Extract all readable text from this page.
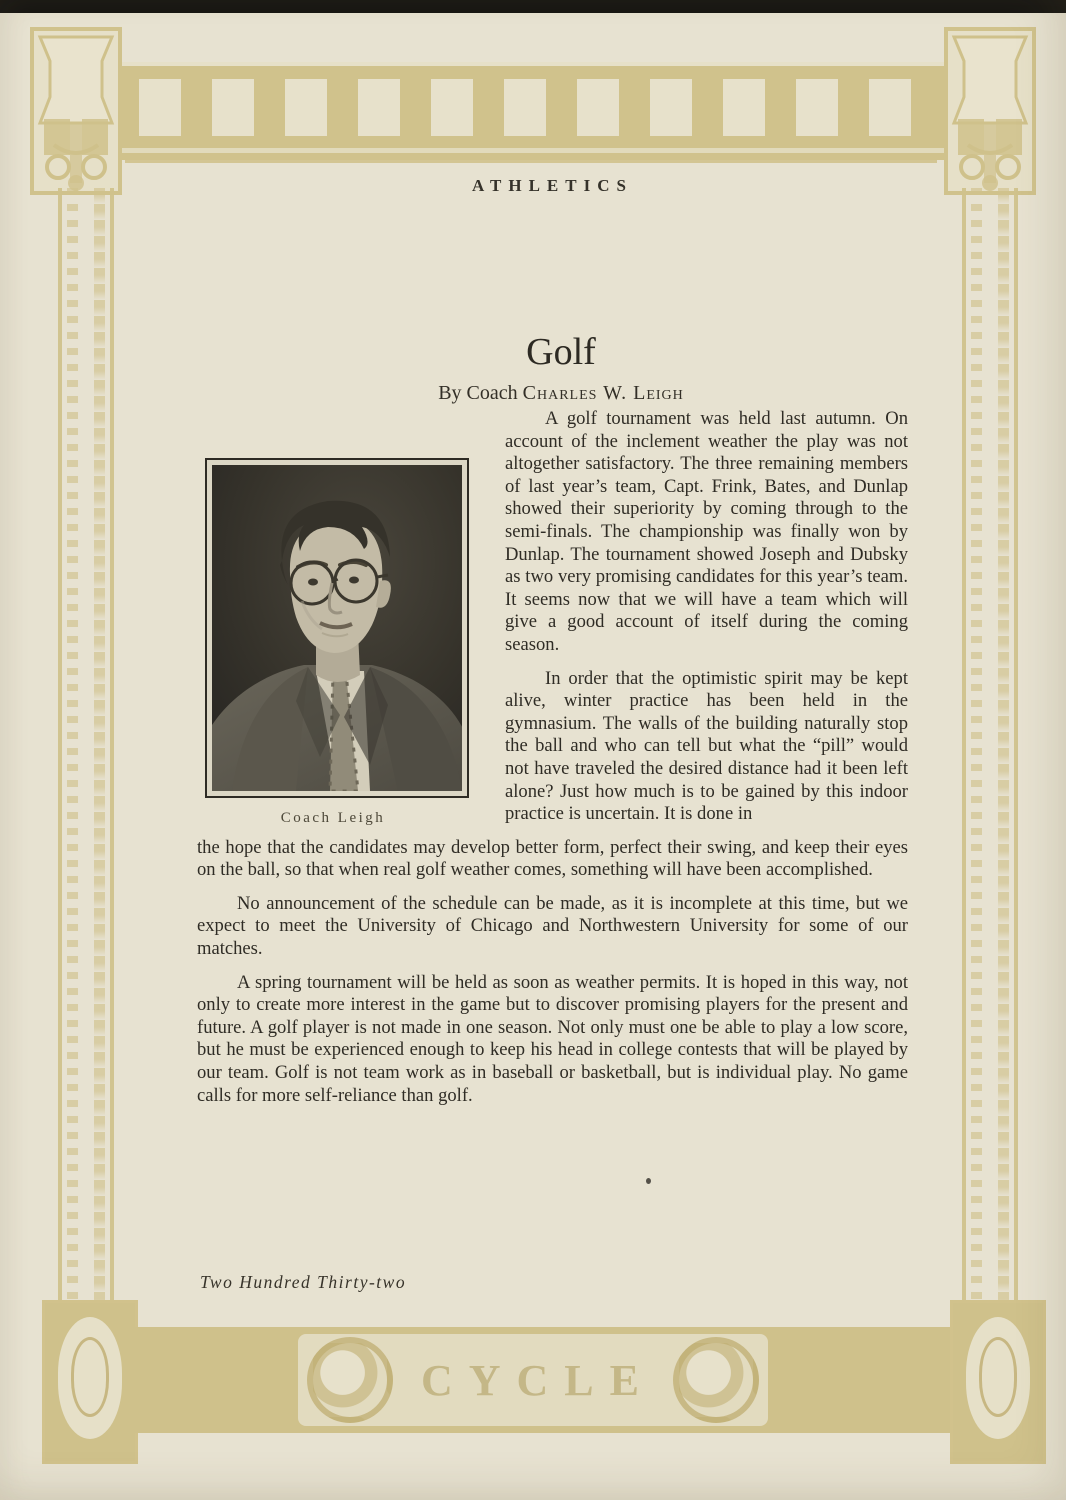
CYCLE
ATHLETICS
Golf
By Coach Charles W. Leigh
Coach Leigh

A golf tournament was held last autumn. On account of the inclement weather the play was not altogether satisfactory. The three remaining members of last year’s team, Capt. Frink, Bates, and Dunlap showed their superiority by coming through to the semi-finals. The championship was finally won by Dunlap. The tournament showed Joseph and Dubsky as two very promising candidates for this year’s team. It seems now that we will have a team which will give a good account of itself during the coming season.

In order that the optimistic spirit may be kept alive, winter practice has been held in the gymnasium. The walls of the building naturally stop the ball and who can tell but what the “pill” would not have traveled the desired distance had it been left alone? Just how much is to be gained by this indoor practice is uncertain. It is done in

the hope that the candidates may develop better form, perfect their swing, and keep their eyes on the ball, so that when real golf weather comes, something will have been accomplished.

No announcement of the schedule can be made, as it is incomplete at this time, but we expect to meet the University of Chicago and Northwestern University for some of our matches.

A spring tournament will be held as soon as weather permits. It is hoped in this way, not only to create more interest in the game but to discover promising players for the present and future. A golf player is not made in one season. Not only must one be able to play a low score, but he must be experienced enough to keep his head in college contests that will be played by our team. Golf is not team work as in baseball or basketball, but is individual play. No game calls for more self-reliance than golf.

Two Hundred Thirty-two
